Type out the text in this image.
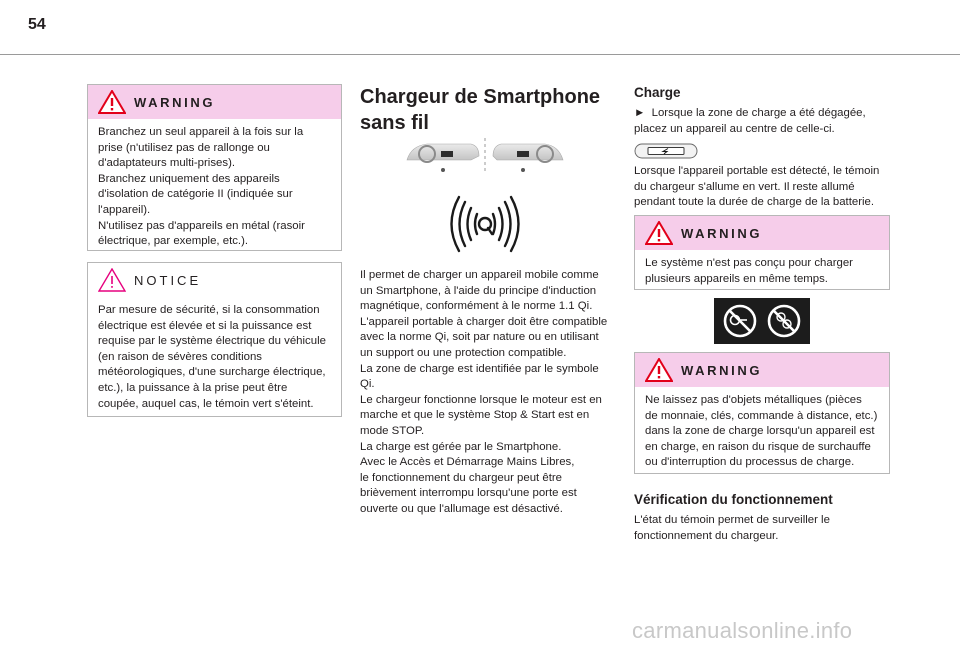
54
WARNING

Branchez un seul appareil à la fois sur la

prise (n'utilisez pas de rallonge ou

d'adaptateurs multi-prises).

Branchez uniquement des appareils

d'isolation de catégorie II (indiquée sur

l'appareil).

N'utilisez pas d'appareils en métal (rasoir

électrique, par exemple, etc.).

NOTICE

Par mesure de sécurité, si la consommation

électrique est élevée et si la puissance est

requise par le système électrique du véhicule

(en raison de sévères conditions

météorologiques, d'une surcharge électrique,

etc.), la puissance à la prise peut être

coupée, auquel cas, le témoin vert s'éteint.

Chargeur de Smartphone
sans fil

Il permet de charger un appareil mobile comme

un Smartphone, à l'aide du principe d'induction

magnétique, conformément à le norme 1.1 Qi.

L'appareil portable à charger doit être compatible

avec la norme Qi, soit par nature ou en utilisant

un support ou une protection compatible.

La zone de charge est identifiée par le symbole

Qi.

Le chargeur fonctionne lorsque le moteur est en

marche et que le système Stop & Start est en

mode STOP.

La charge est gérée par le Smartphone.

Avec le Accès et Démarrage Mains Libres,

le fonctionnement du chargeur peut être

brièvement interrompu lorsqu'une porte est

ouverte ou que l'allumage est désactivé.

Charge

► Lorsque la zone de charge a été dégagée,

placez un appareil au centre de celle-ci.

Lorsque l'appareil portable est détecté, le témoin

du chargeur s'allume en vert. Il reste allumé

pendant toute la durée de charge de la batterie.

WARNING

Le système n'est pas conçu pour charger

plusieurs appareils en même temps.

WARNING

Ne laissez pas d'objets métalliques (pièces

de monnaie, clés, commande à distance, etc.)

dans la zone de charge lorsqu'un appareil est

en charge, en raison du risque de surchauffe

ou d'interruption du processus de charge.

Vérification du fonctionnement

L'état du témoin permet de surveiller le

fonctionnement du chargeur.

carmanualsonline.info
